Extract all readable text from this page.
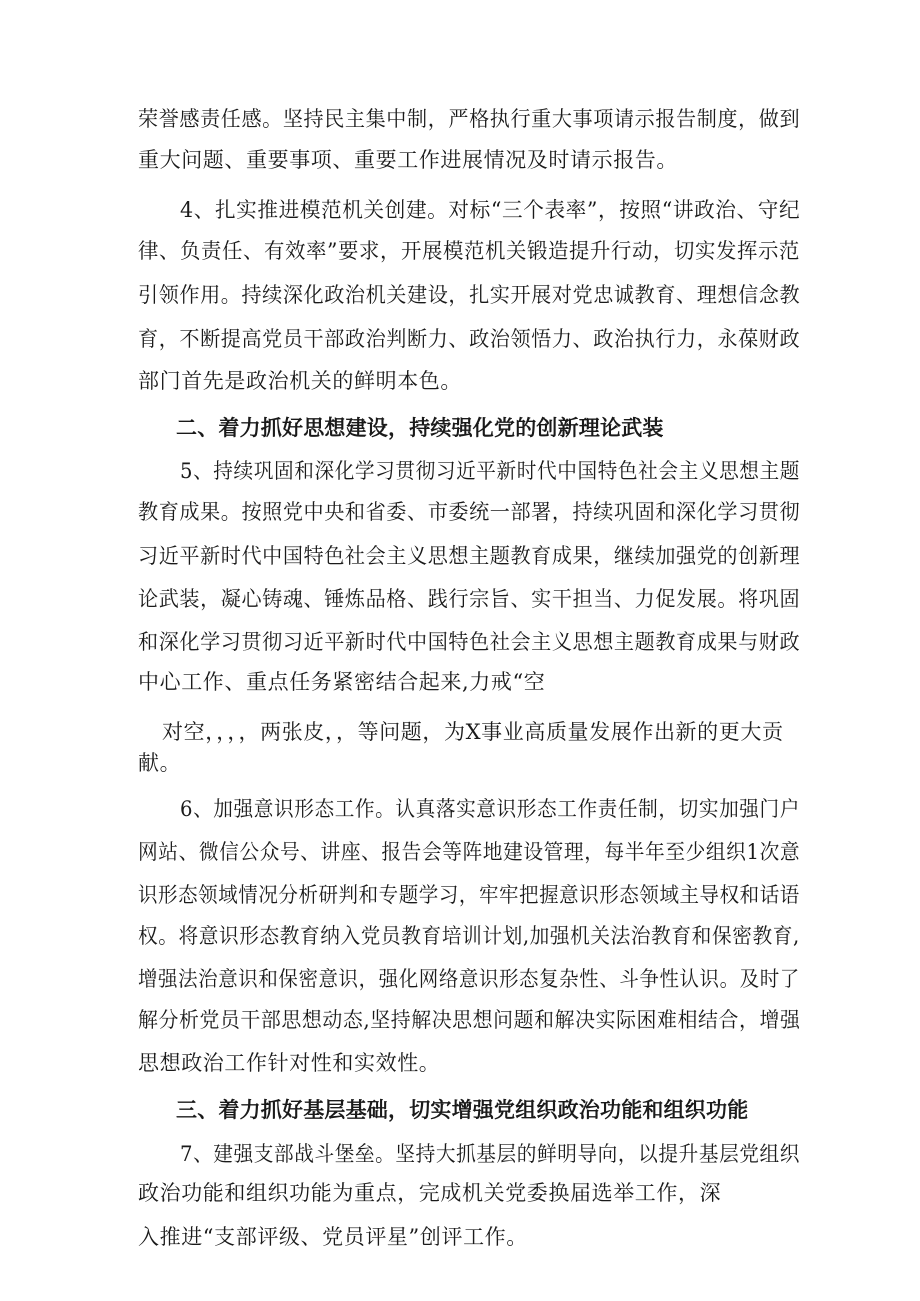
荣誉感责任感。坚持民主集中制，严格执行重大事项请示报告制度，做到
重大问题、重要事项、重要工作进展情况及时请示报告。
4、扎实推进模范机关创建。对标“三个表率”，按照“讲政治、守纪
律、负责任、有效率”要求，开展模范机关锻造提升行动，切实发挥示范
引领作用。持续深化政治机关建设，扎实开展对党忠诚教育、理想信念教
育，不断提高党员干部政治判断力、政治领悟力、政治执行力，永葆财政
部门首先是政治机关的鲜明本色。
二、着力抓好思想建设，持续强化党的创新理论武装
5、持续巩固和深化学习贯彻习近平新时代中国特色社会主义思想主题
教育成果。按照党中央和省委、市委统一部署，持续巩固和深化学习贯彻
习近平新时代中国特色社会主义思想主题教育成果，继续加强党的创新理
论武装，凝心铸魂、锤炼品格、践行宗旨、实干担当、力促发展。将巩固
和深化学习贯彻习近平新时代中国特色社会主义思想主题教育成果与财政
中心工作、重点任务紧密结合起来,力戒“空
对空，，，，两张皮，，等问题，为X事业高质量发展作出新的更大贡
献。
6、加强意识形态工作。认真落实意识形态工作责任制，切实加强门户
网站、微信公众号、讲座、报告会等阵地建设管理，每半年至少组织1次意
识形态领域情况分析研判和专题学习，牢牢把握意识形态领域主导权和话语
权。将意识形态教育纳入党员教育培训计划,加强机关法治教育和保密教育,
增强法治意识和保密意识，强化网络意识形态复杂性、斗争性认识。及时了
解分析党员干部思想动态,坚持解决思想问题和解决实际困难相结合，增强
思想政治工作针对性和实效性。
三、着力抓好基层基础，切实增强党组织政治功能和组织功能
7、建强支部战斗堡垒。坚持大抓基层的鲜明导向，以提升基层党组织
政治功能和组织功能为重点，完成机关党委换届选举工作，深
入推进“支部评级、党员评星”创评工作。
